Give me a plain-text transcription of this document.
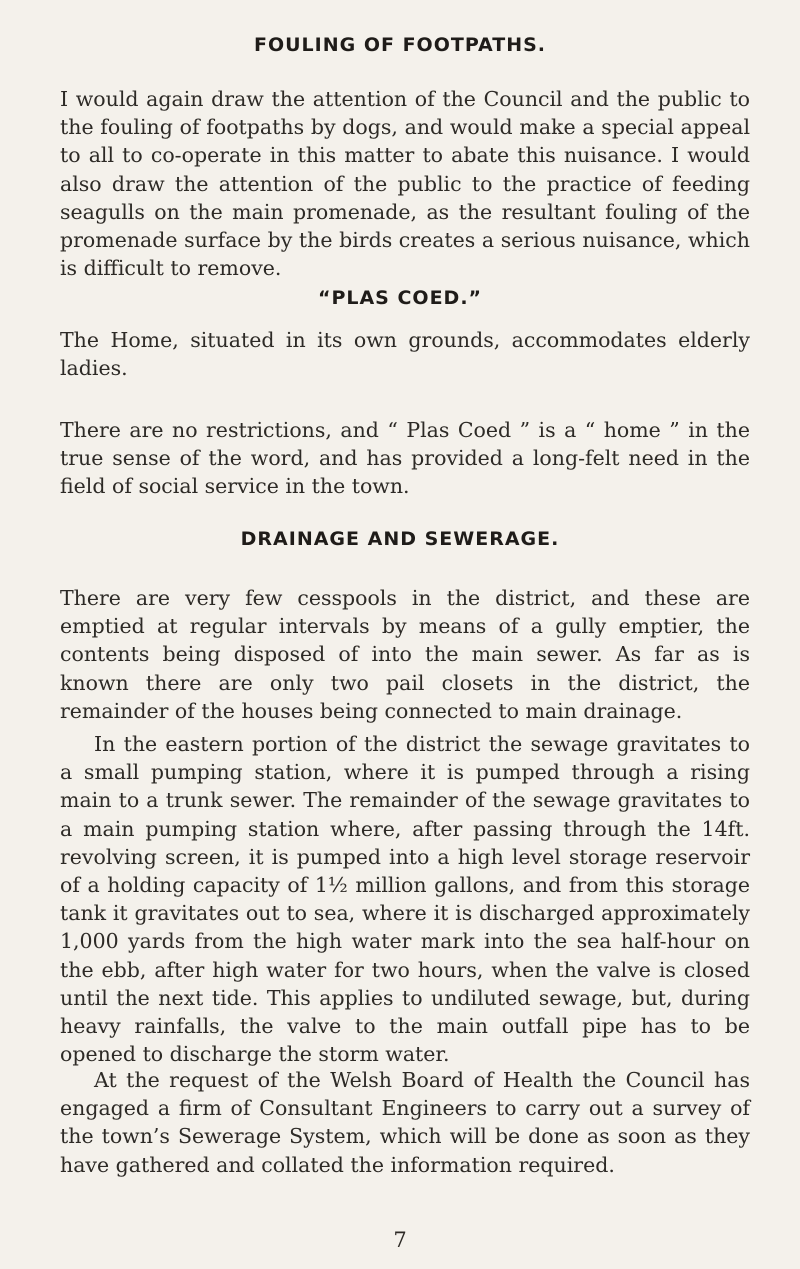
FOULING OF FOOTPATHS.

I would again draw the attention of the Council and the public to the fouling of footpaths by dogs, and would make a special appeal to all to co-operate in this matter to abate this nuisance. I would also draw the attention of the public to the practice of feeding seagulls on the main promenade, as the resultant fouling of the promenade surface by the birds creates a serious nuisance, which is difficult to remove.

“PLAS COED.”

The Home, situated in its own grounds, accommodates elderly ladies.

There are no restrictions, and “ Plas Coed ” is a “ home ” in the true sense of the word, and has provided a long-felt need in the field of social service in the town.

DRAINAGE AND SEWERAGE.

There are very few cesspools in the district, and these are emptied at regular intervals by means of a gully emptier, the contents being disposed of into the main sewer. As far as is known there are only two pail closets in the district, the remainder of the houses being connected to main drainage.

In the eastern portion of the district the sewage gravitates to a small pumping station, where it is pumped through a rising main to a trunk sewer. The remainder of the sewage gravitates to a main pumping station where, after passing through the 14ft. revolving screen, it is pumped into a high level storage reservoir of a holding capacity of 1½ million gallons, and from this storage tank it gravitates out to sea, where it is discharged approximately 1,000 yards from the high water mark into the sea half-hour on the ebb, after high water for two hours, when the valve is closed until the next tide. This applies to undiluted sewage, but, during heavy rainfalls, the valve to the main outfall pipe has to be opened to discharge the storm water.

At the request of the Welsh Board of Health the Council has engaged a firm of Consultant Engineers to carry out a survey of the town’s Sewerage System, which will be done as soon as they have gathered and collated the information required.

7
